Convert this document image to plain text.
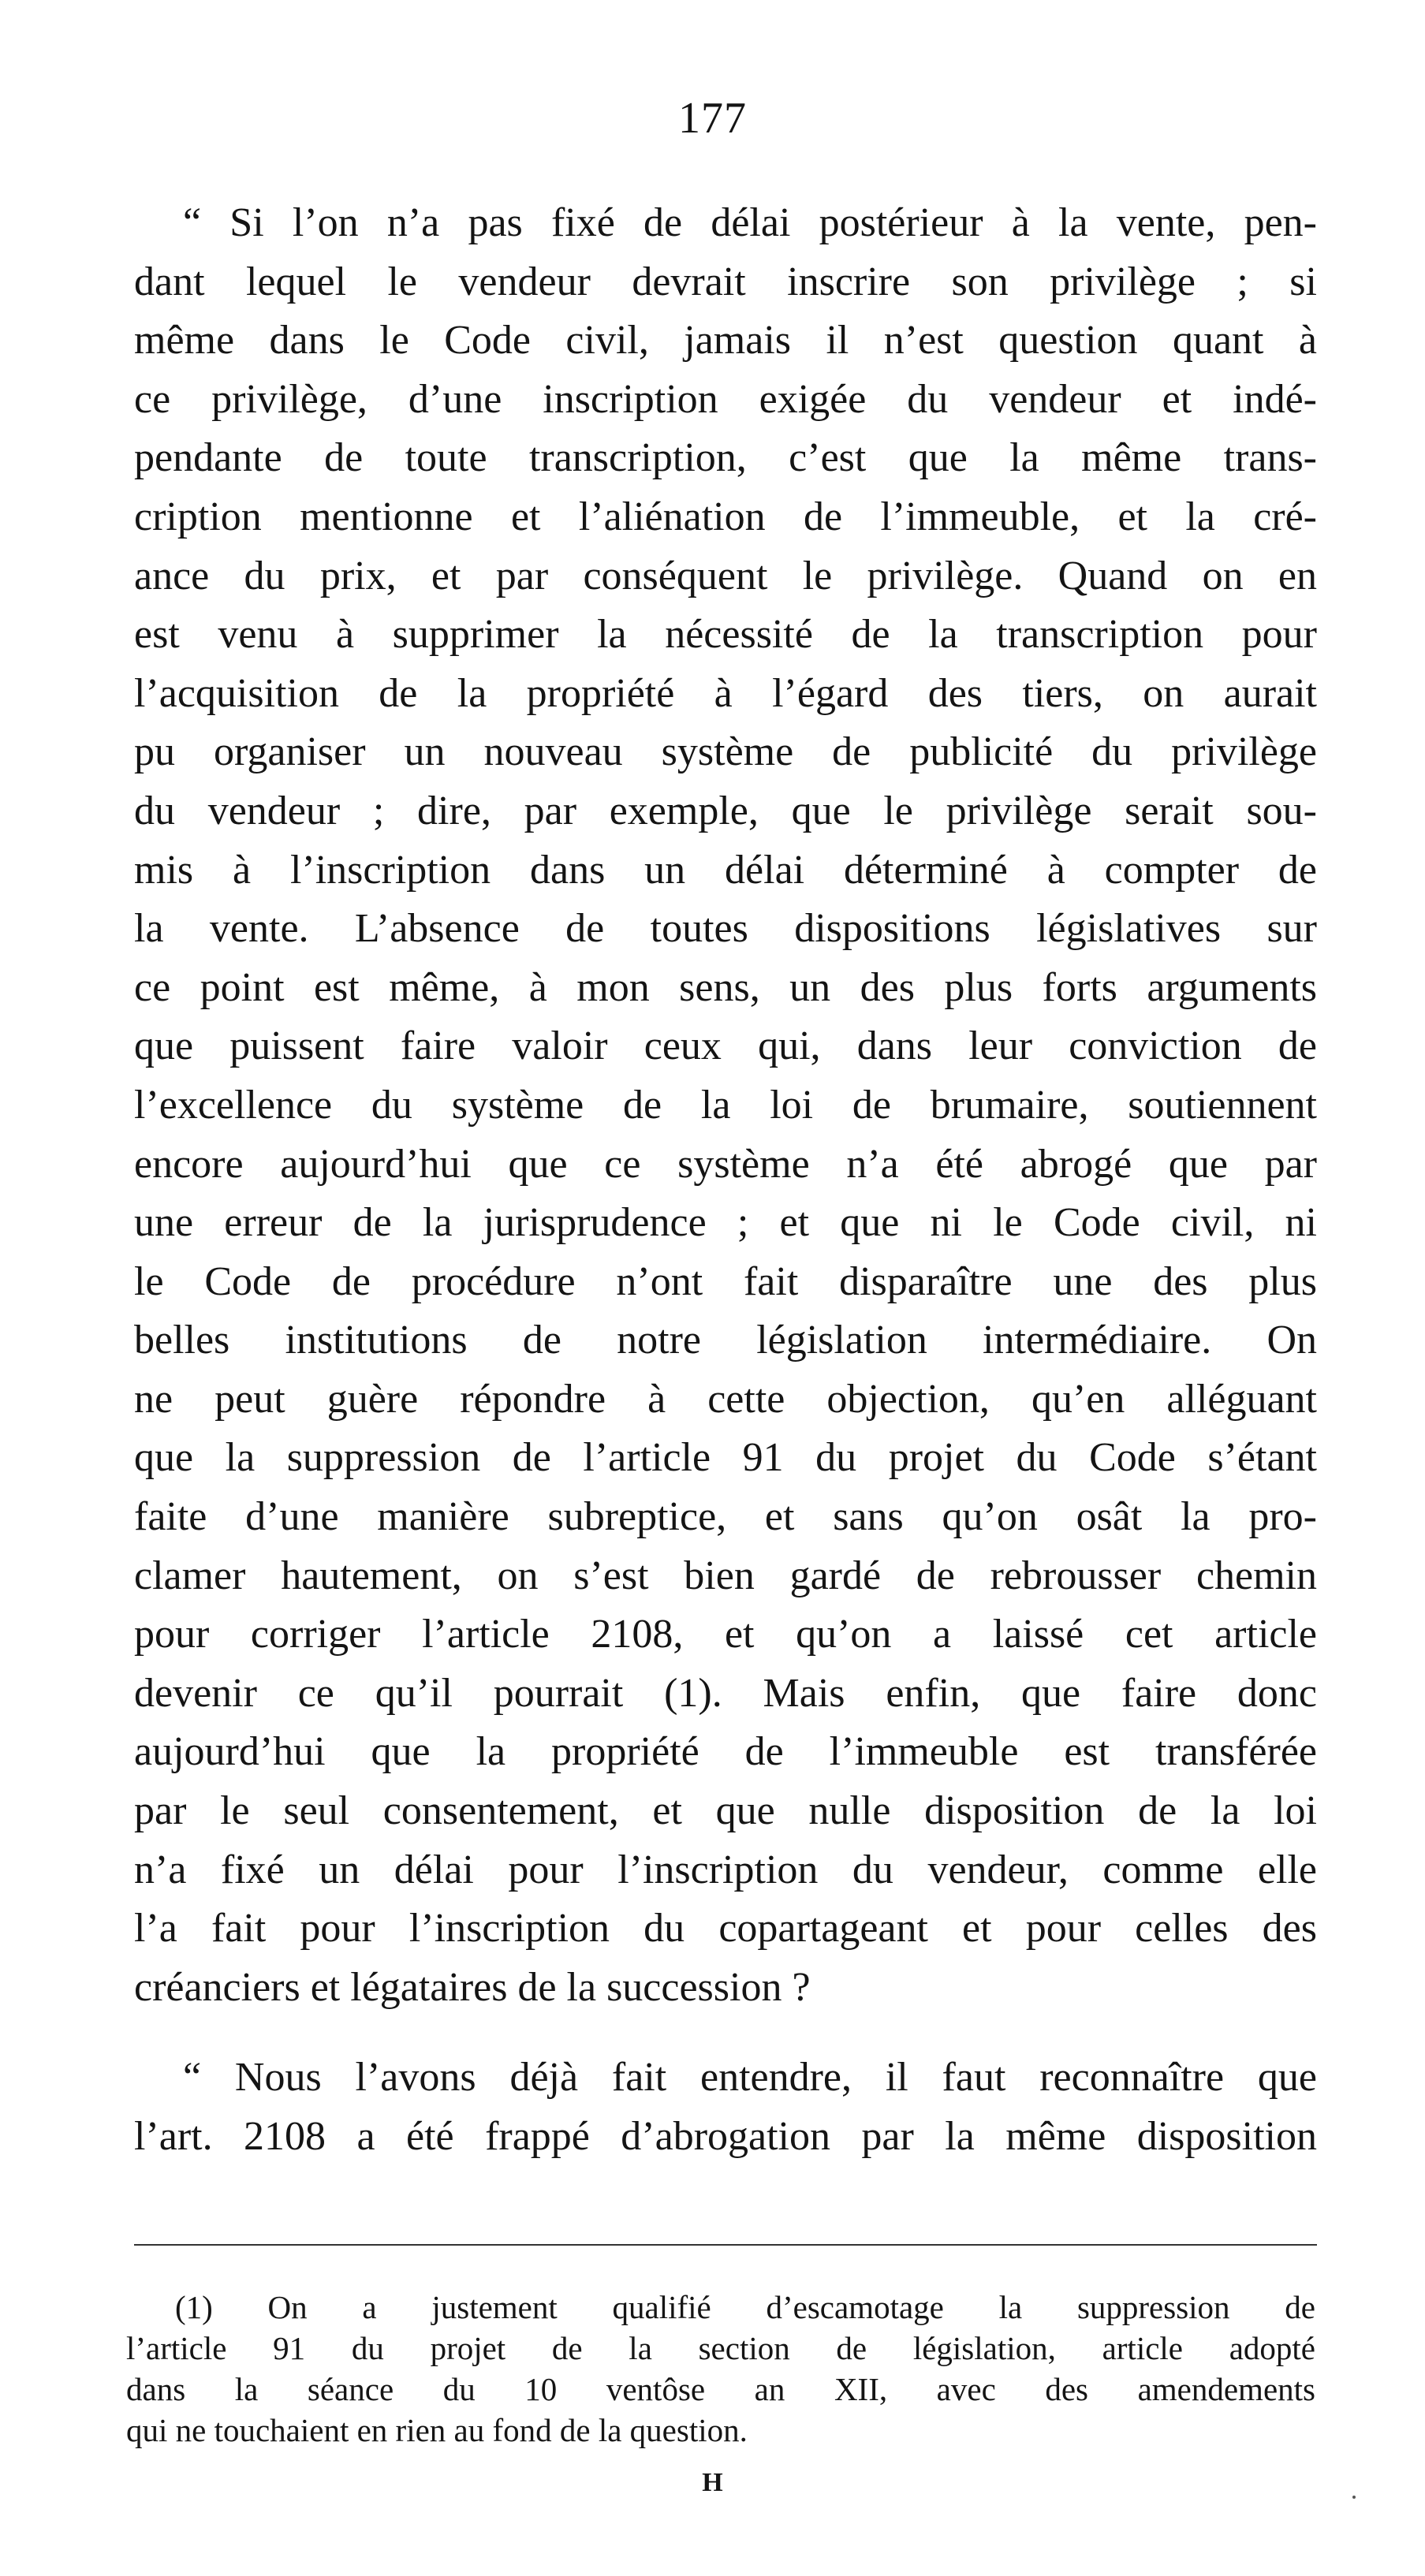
177
“ Si l’on n’a pas fixé de délai postérieur à la vente, pen-
dant lequel le vendeur devrait inscrire son privilège ; si
même dans le Code civil, jamais il n’est question quant à
ce privilège, d’une inscription exigée du vendeur et indé-
pendante de toute transcription, c’est que la même trans-
cription mentionne et l’aliénation de l’immeuble, et la cré-
ance du prix, et par conséquent le privilège. Quand on en
est venu à supprimer la nécessité de la transcription pour
l’acquisition de la propriété à l’égard des tiers, on aurait
pu organiser un nouveau système de publicité du privilège
du vendeur ; dire, par exemple, que le privilège serait sou-
mis à l’inscription dans un délai déterminé à compter de
la vente. L’absence de toutes dispositions législatives sur
ce point est même, à mon sens, un des plus forts arguments
que puissent faire valoir ceux qui, dans leur conviction de
l’excellence du système de la loi de brumaire, soutiennent
encore aujourd’hui que ce système n’a été abrogé que par
une erreur de la jurisprudence ; et que ni le Code civil, ni
le Code de procédure n’ont fait disparaître une des plus
belles institutions de notre législation intermédiaire. On
ne peut guère répondre à cette objection, qu’en alléguant
que la suppression de l’article 91 du projet du Code s’étant
faite d’une manière subreptice, et sans qu’on osât la pro-
clamer hautement, on s’est bien gardé de rebrousser chemin
pour corriger l’article 2108, et qu’on a laissé cet article
devenir ce qu’il pourrait (1). Mais enfin, que faire donc
aujourd’hui que la propriété de l’immeuble est transférée
par le seul consentement, et que nulle disposition de la loi
n’a fixé un délai pour l’inscription du vendeur, comme elle
l’a fait pour l’inscription du copartageant et pour celles des
créanciers et légataires de la succession ?
“ Nous l’avons déjà fait entendre, il faut reconnaître que
l’art. 2108 a été frappé d’abrogation par la même disposition
(1) On a justement qualifié d’escamotage la suppression de
l’article 91 du projet de la section de législation, article adopté
dans la séance du 10 ventôse an XII, avec des amendements
qui ne touchaient en rien au fond de la question.
H
